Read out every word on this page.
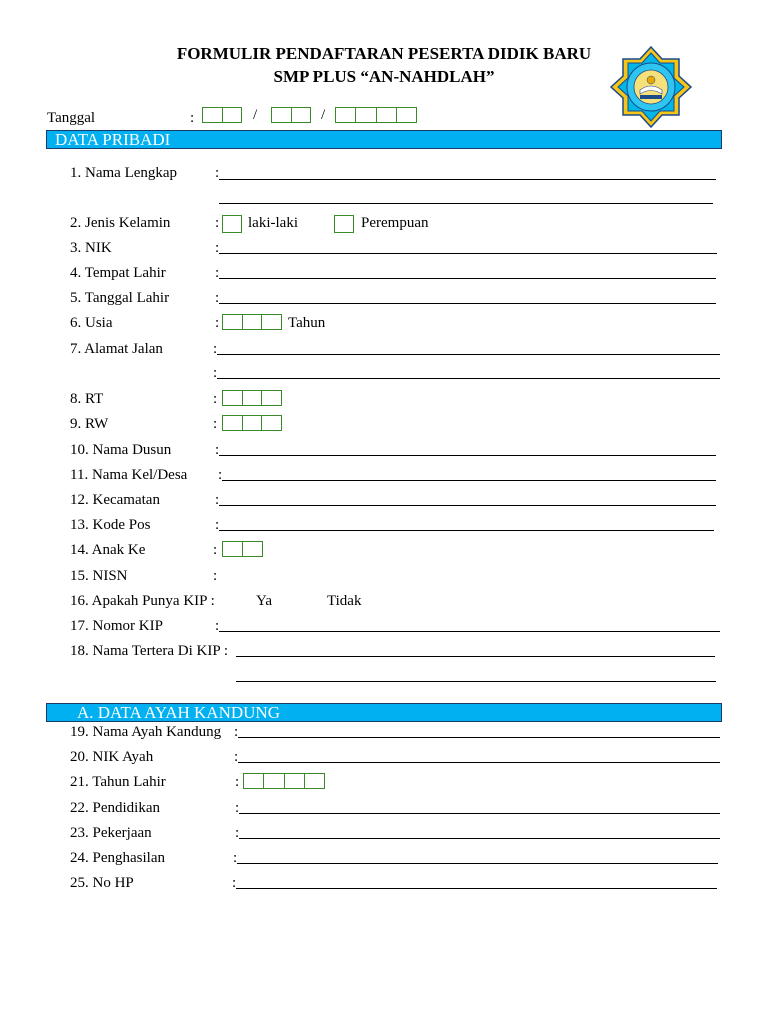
FORMULIR PENDAFTARAN PESERTA DIDIK BARU
SMP PLUS “AN-NAHDLAH”
Tanggal	:	/	/
DATA PRIBADI
1. Nama Lengkap	:
2. Jenis Kelamin	: laki-laki	Perempuan
3. NIK	:
4. Tempat Lahir	:
5. Tanggal Lahir	:
6. Usia	:	Tahun
7. Alamat Jalan	:
:
8. RT	:
9. RW	:
10. Nama Dusun	:
11. Nama Kel/Desa :
12. Kecamatan	:
13. Kode Pos	:
14. Anak Ke	:
15. NISN	:
16. Apakah Punya KIP :	Ya	Tidak
17. Nomor KIP	:
18. Nama Tertera Di KIP :
A. DATA AYAH KANDUNG
19. Nama Ayah Kandung :
20. NIK Ayah	:
21. Tahun Lahir	:
22. Pendidikan	:
23. Pekerjaan	:
24. Penghasilan	:
25. No HP	:
